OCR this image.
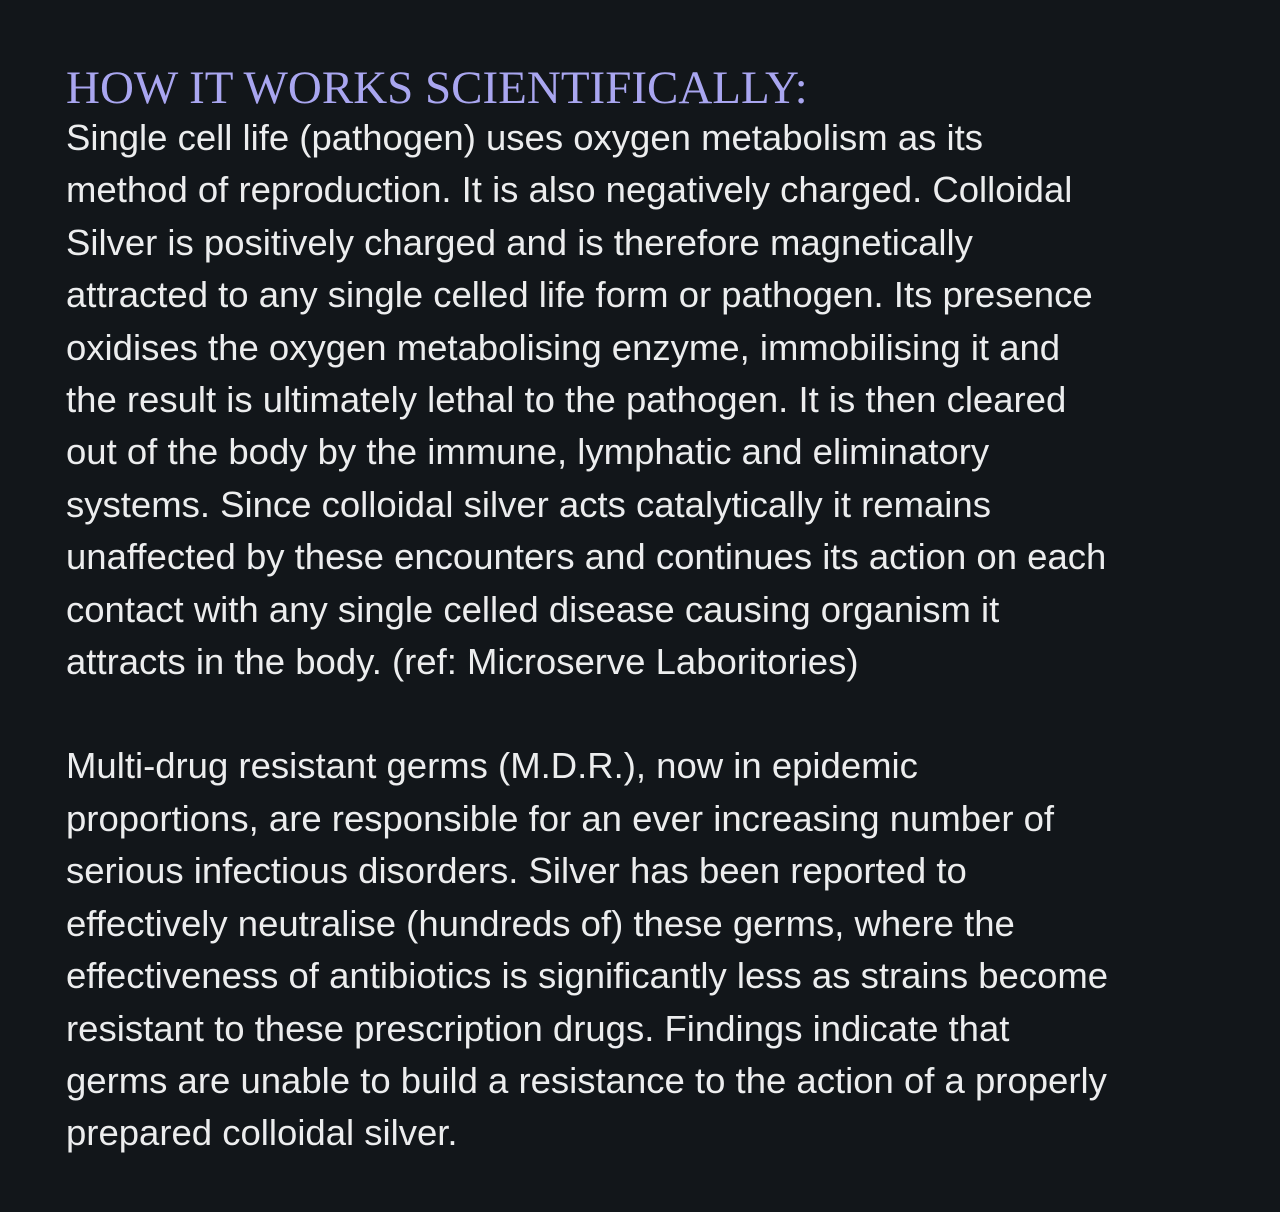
HOW IT WORKS SCIENTIFICALLY:

Single cell life (pathogen) uses oxygen metabolism as its
method of reproduction. It is also negatively charged. Colloidal
Silver is positively charged and is therefore magnetically
attracted to any single celled life form or pathogen. Its presence
oxidises the oxygen metabolising enzyme, immobilising it and
the result is ultimately lethal to the pathogen. It is then cleared
out of the body by the immune, lymphatic and eliminatory
systems. Since colloidal silver acts catalytically it remains
unaffected by these encounters and continues its action on each
contact with any single celled disease causing organism it
attracts in the body. (ref: Microserve Laboritories)

Multi-drug resistant germs (M.D.R.), now in epidemic
proportions, are responsible for an ever increasing number of
serious infectious disorders. Silver has been reported to
effectively neutralise (hundreds of) these germs, where the
effectiveness of antibiotics is significantly less as strains become
resistant to these prescription drugs. Findings indicate that
germs are unable to build a resistance to the action of a properly
prepared colloidal silver.
